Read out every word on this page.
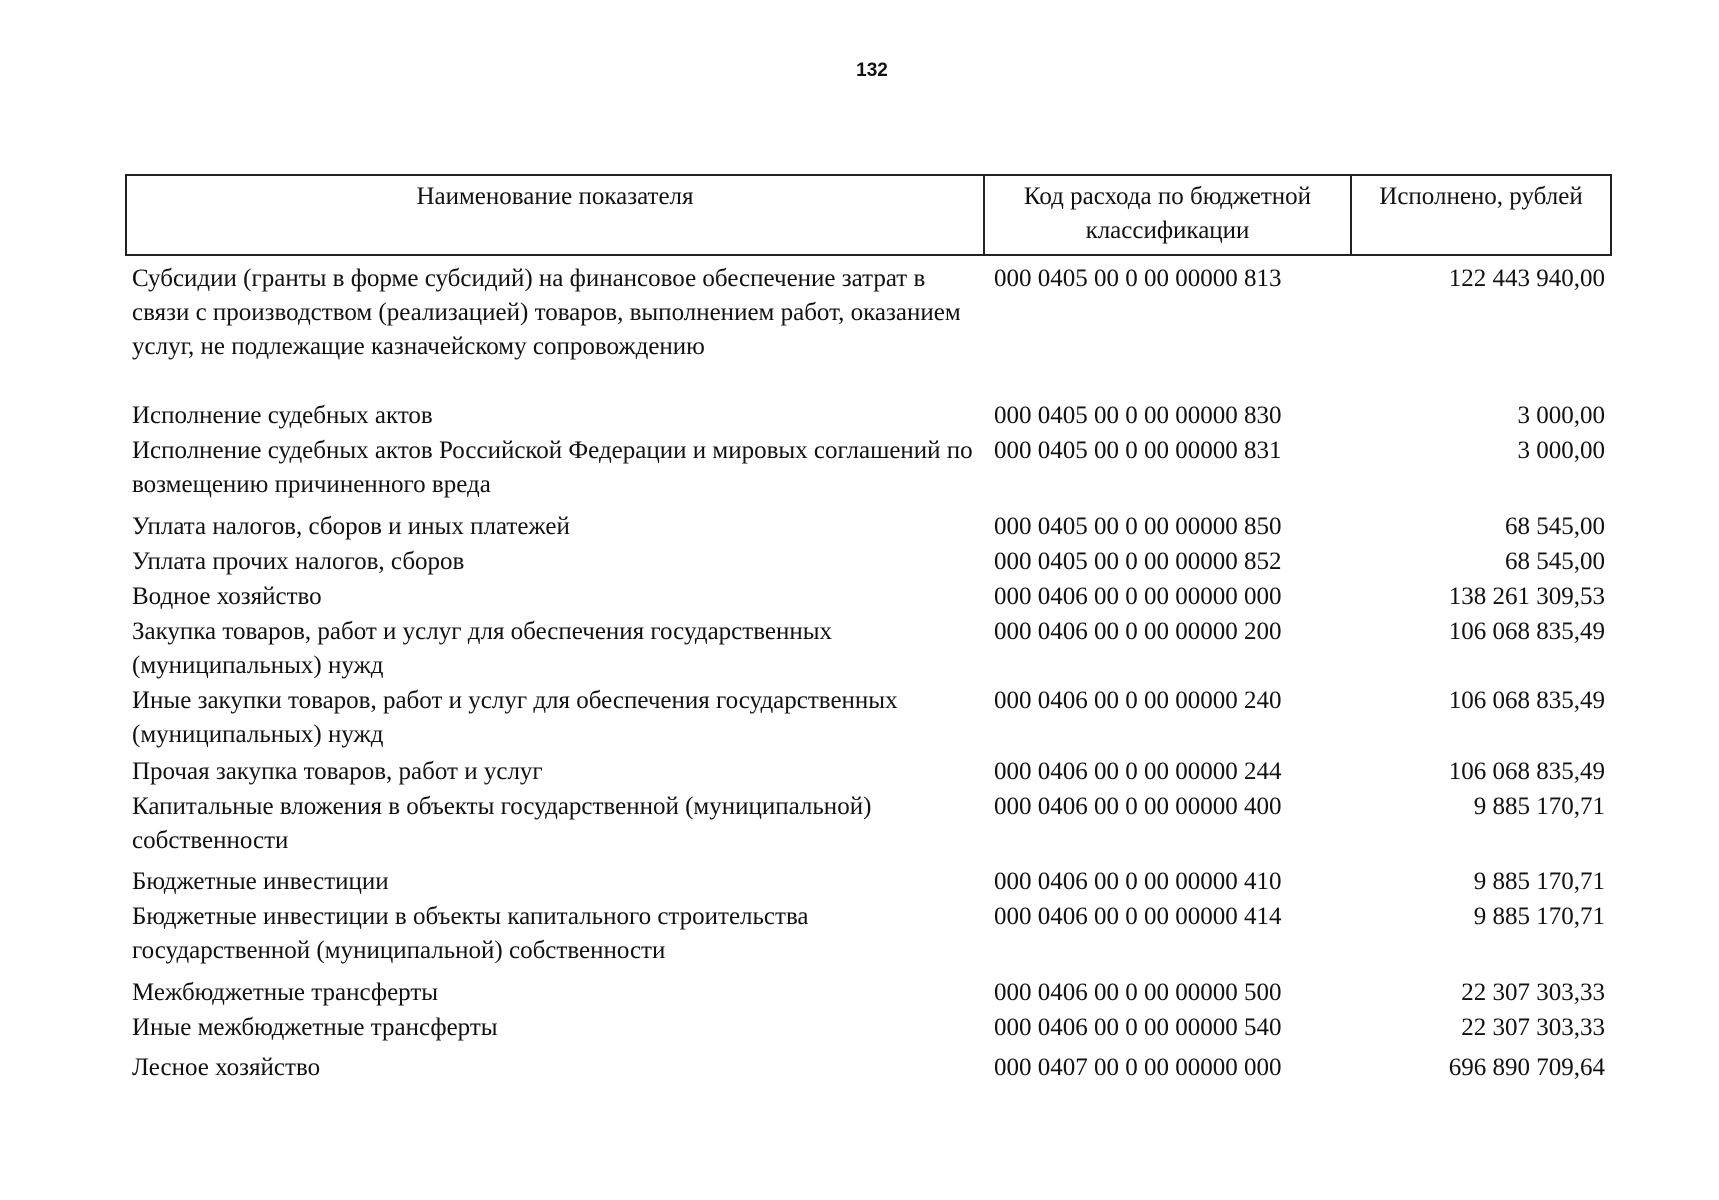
132
Наименование показателя	Код расхода по бюджетной классификации	Исполнено, рублей
Субсидии (гранты в форме субсидий) на финансовое обеспечение затрат в связи с производством (реализацией) товаров, выполнением работ, оказанием услуг, не подлежащие казначейскому сопровождению	000 0405 00 0 00 00000 813	122 443 940,00
Исполнение судебных актов	000 0405 00 0 00 00000 830	3 000,00
Исполнение судебных актов Российской Федерации и мировых соглашений по возмещению причиненного вреда	000 0405 00 0 00 00000 831	3 000,00
Уплата налогов, сборов и иных платежей	000 0405 00 0 00 00000 850	68 545,00
Уплата прочих налогов, сборов	000 0405 00 0 00 00000 852	68 545,00
Водное хозяйство	000 0406 00 0 00 00000 000	138 261 309,53
Закупка товаров, работ и услуг для обеспечения государственных (муниципальных) нужд	000 0406 00 0 00 00000 200	106 068 835,49
Иные закупки товаров, работ и услуг для обеспечения государственных (муниципальных) нужд	000 0406 00 0 00 00000 240	106 068 835,49
Прочая закупка товаров, работ и услуг	000 0406 00 0 00 00000 244	106 068 835,49
Капитальные вложения в объекты государственной (муниципальной) собственности	000 0406 00 0 00 00000 400	9 885 170,71
Бюджетные инвестиции	000 0406 00 0 00 00000 410	9 885 170,71
Бюджетные инвестиции в объекты капитального строительства государственной (муниципальной) собственности	000 0406 00 0 00 00000 414	9 885 170,71
Межбюджетные трансферты	000 0406 00 0 00 00000 500	22 307 303,33
Иные межбюджетные трансферты	000 0406 00 0 00 00000 540	22 307 303,33
Лесное хозяйство	000 0407 00 0 00 00000 000	696 890 709,64
